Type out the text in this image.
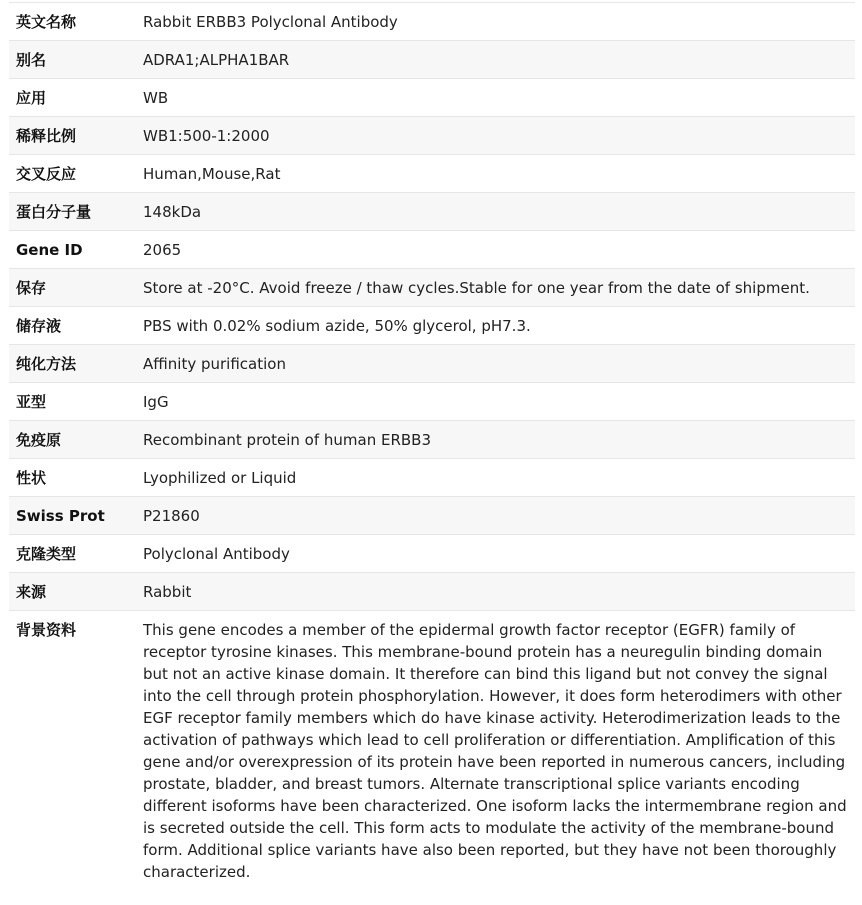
英文名称	Rabbit ERBB3 Polyclonal Antibody
别名	ADRA1;ALPHA1BAR
应用	WB
稀释比例	WB1:500-1:2000
交叉反应	Human,Mouse,Rat
蛋白分子量	148kDa
Gene ID	2065
保存	Store at -20°C. Avoid freeze / thaw cycles.Stable for one year from the date of shipment.
储存液	PBS with 0.02% sodium azide, 50% glycerol, pH7.3.
纯化方法	Affinity purification
亚型	IgG
免疫原	Recombinant protein of human ERBB3
性状	Lyophilized or Liquid
Swiss Prot	P21860
克隆类型	Polyclonal Antibody
来源	Rabbit
背景资料	This gene encodes a member of the epidermal growth factor receptor (EGFR) family of receptor tyrosine kinases. This membrane-bound protein has a neuregulin binding domain but not an active kinase domain. It therefore can bind this ligand but not convey the signal into the cell through protein phosphorylation. However, it does form heterodimers with other EGF receptor family members which do have kinase activity. Heterodimerization leads to the activation of pathways which lead to cell proliferation or differentiation. Amplification of this gene and/or overexpression of its protein have been reported in numerous cancers, including prostate, bladder, and breast tumors. Alternate transcriptional splice variants encoding different isoforms have been characterized. One isoform lacks the intermembrane region and is secreted outside the cell. This form acts to modulate the activity of the membrane-bound form. Additional splice variants have also been reported, but they have not been thoroughly characterized.
